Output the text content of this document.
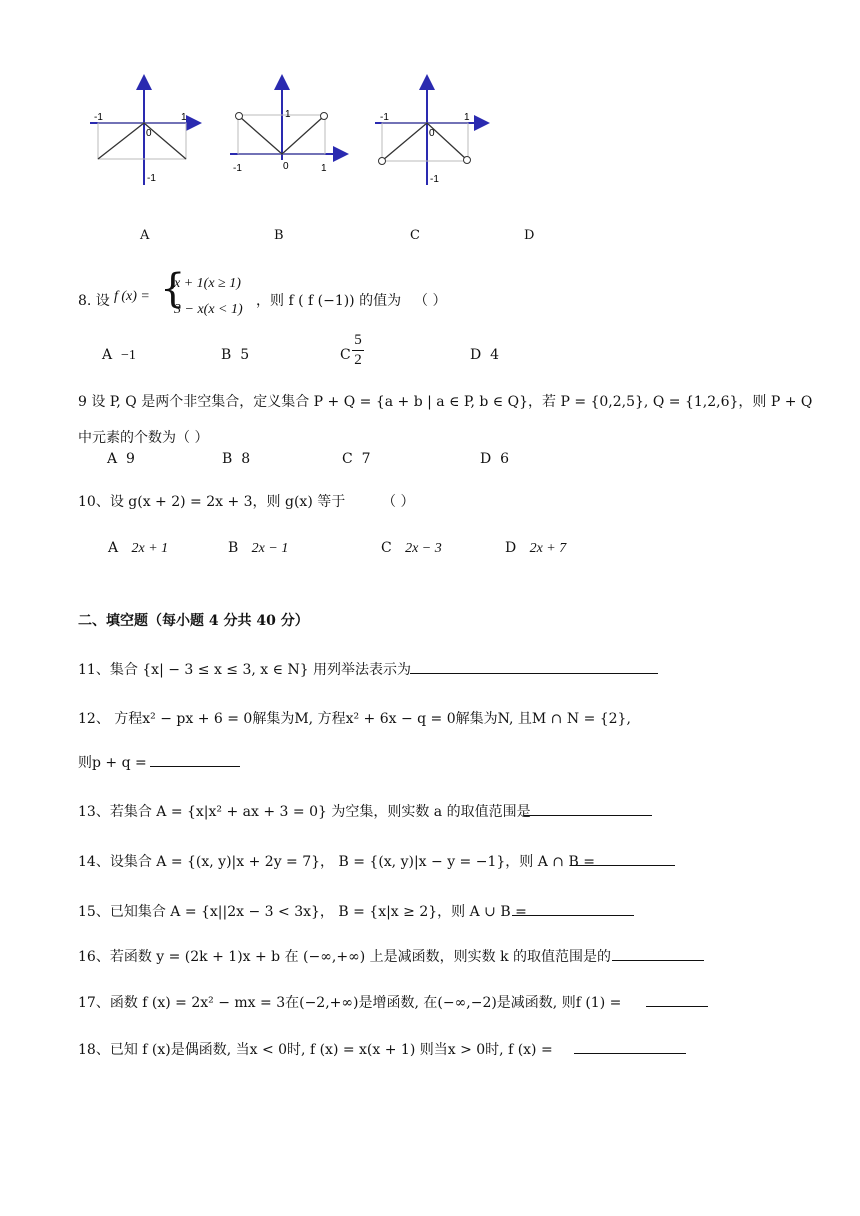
-1	1
0
-1
1
-1	0	1
-1	1
0
-1
A	B	C	D
8. 设 f (x) = {
x + 1(x ≥ 1)
3 − x(x < 1)
，则 f ( f (−1)) 的值为 （ ）
A −1	B 5	C
5
2	D 4
9 设 P, Q 是两个非空集合，定义集合 P + Q = {a + b | a ∈ P, b ∈ Q}，若 P = {0,2,5}, Q = {1,2,6}，则 P + Q
中元素的个数为（ ）
A 9	B 8	C 7	D 6
10、设 g(x + 2) = 2x + 3，则 g(x) 等于	（ ）
A 2x + 1	B 2x − 1	C 2x − 3	D 2x + 7
二、填空题（每小题 4 分共 40 分）
11、集合 {x| − 3 ≤ x ≤ 3, x ∈ N} 用列举法表示为
12、 方程x² − px + 6 = 0解集为M, 方程x² + 6x − q = 0解集为N, 且M ∩ N = {2},
则p + q =
13、若集合 A = {x|x² + ax + 3 = 0} 为空集，则实数 a 的取值范围是
14、设集合 A = {(x, y)|x + 2y = 7}， B = {(x, y)|x − y = −1}，则 A ∩ B =
15、已知集合 A = {x||2x − 3 < 3x}， B = {x|x ≥ 2}，则 A ∪ B =
16、若函数 y = (2k + 1)x + b 在 (−∞,+∞) 上是减函数，则实数 k 的取值范围是的
17、函数 f (x) = 2x² − mx = 3在(−2,+∞)是增函数, 在(−∞,−2)是减函数, 则f (1) =
18、已知 f (x)是偶函数, 当x < 0时, f (x) = x(x + 1) 则当x > 0时, f (x) =
